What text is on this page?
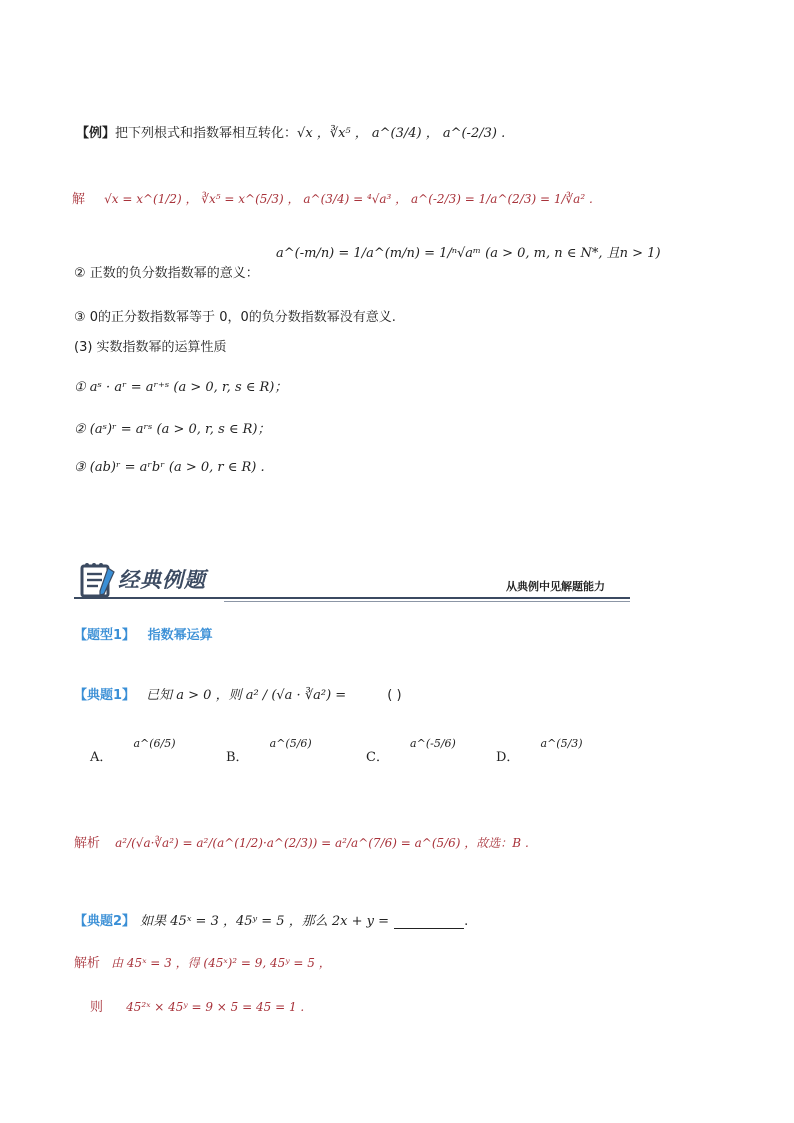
【例】把下列根式和指数幂相互转化：√x ，∛x⁵ ， a^(3/4) ， a^(-2/3) .
解 √x = x^(1/2) ， ∛x⁵ = x^(5/3) ， a^(3/4) = ⁴√a³ ， a^(-2/3) = 1/a^(2/3) = 1/∛a² .
a^(-m/n) = 1/a^(m/n) = 1/ⁿ√aᵐ (a > 0, m, n ∈ N*, 且n > 1)
② 正数的负分数指数幂的意义：
③ 0的正分数指数幂等于 0，0的负分数指数幂没有意义.
(3) 实数指数幂的运算性质
① aˢ · aʳ = aʳ⁺ˢ (a > 0, r, s ∈ R)；
② (aˢ)ʳ = aʳˢ (a > 0, r, s ∈ R)；
③ (ab)ʳ = aʳbʳ (a > 0, r ∈ R) .
经典例题	从典例中见解题能力
【题型1】 指数幂运算
【典题1】 已知 a > 0 ，则 a² / (√a · ∛a²) =	( )
A． $^{a\^{}(6/5)}$
B． $^{a\^{}(5/6)}$
C． $^{a\^{}(-5/6)}$
D． $^{a\^{}(5/3)}$
解析 a²/(√a·∛a²) = a²/(a^(1/2)·a^(2/3)) = a²/a^(7/6) = a^(5/6) ，故选：B .
【典题2】 如果 45ˣ = 3 ，45ʸ = 5 ，那么 2x + y =	.
解析 由 45ˣ = 3 ，得 (45ˣ)² = 9, 45ʸ = 5 ，
则 45²ˣ × 45ʸ = 9 × 5 = 45 = 1 .
